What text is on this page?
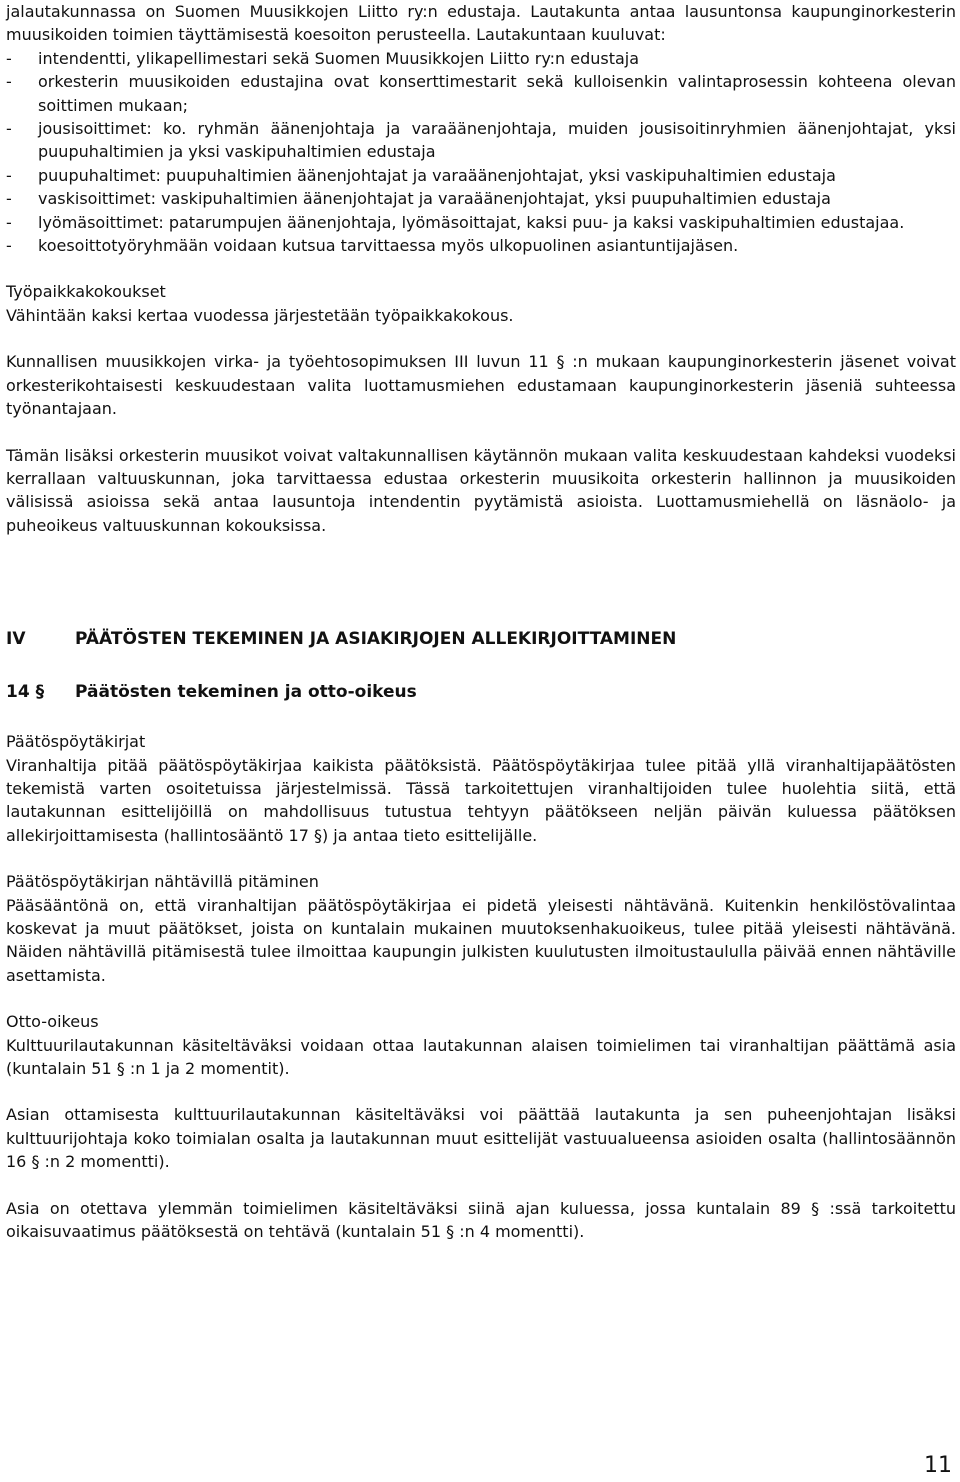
jalautakunnassa on Suomen Muusikkojen Liitto ry:n edustaja. Lautakunta antaa lausuntonsa kaupunginorkesterin muusikoiden toimien täyttämisestä koesoiton perusteella. Lautakuntaan kuuluvat:

- intendentti, ylikapellimestari sekä Suomen Muusikkojen Liitto ry:n edustaja
- orkesterin muusikoiden edustajina ovat konserttimestarit sekä kulloisenkin valintaprosessin kohteena olevan soittimen mukaan;
- jousisoittimet: ko. ryhmän äänenjohtaja ja varaäänenjohtaja, muiden jousisoitinryhmien äänenjohtajat, yksi puupuhaltimien ja yksi vaskipuhaltimien edustaja
- puupuhaltimet: puupuhaltimien äänenjohtajat ja varaäänenjohtajat, yksi vaskipuhaltimien edustaja
- vaskisoittimet: vaskipuhaltimien äänenjohtajat ja varaäänenjohtajat, yksi puupuhaltimien edustaja
- lyömäsoittimet: patarumpujen äänenjohtaja, lyömäsoittajat, kaksi puu- ja kaksi vaskipuhaltimien edustajaa.
- koesoittotyöryhmään voidaan kutsua tarvittaessa myös ulkopuolinen asiantuntijajäsen.

Työpaikkakokoukset

Vähintään kaksi kertaa vuodessa järjestetään työpaikkakokous.

Kunnallisen muusikkojen virka- ja työehtosopimuksen III luvun 11 § :n mukaan kaupunginorkesterin jäsenet voivat orkesterikohtaisesti keskuudestaan valita luottamusmiehen edustamaan kaupunginorkesterin jäseniä suhteessa työnantajaan.

Tämän lisäksi orkesterin muusikot voivat valtakunnallisen käytännön mukaan valita keskuudestaan kahdeksi vuodeksi kerrallaan valtuuskunnan, joka tarvittaessa edustaa orkesterin muusikoita orkesterin hallinnon ja muusikoiden välisissä asioissa sekä antaa lausuntoja intendentin pyytämistä asioista. Luottamusmiehellä on läsnäolo- ja puheoikeus valtuuskunnan kokouksissa.

IV	PÄÄTÖSTEN TEKEMINEN JA ASIAKIRJOJEN ALLEKIRJOITTAMINEN
14 §	Päätösten tekeminen ja otto-oikeus

Päätöspöytäkirjat

Viranhaltija pitää päätöspöytäkirjaa kaikista päätöksistä. Päätöspöytäkirjaa tulee pitää yllä viranhaltijapäätösten tekemistä varten osoitetuissa järjestelmissä. Tässä tarkoitettujen viranhaltijoiden tulee huolehtia siitä, että lautakunnan esittelijöillä on mahdollisuus tutustua tehtyyn päätökseen neljän päivän kuluessa päätöksen allekirjoittamisesta (hallintosääntö 17 §) ja antaa tieto esittelijälle.

Päätöspöytäkirjan nähtävillä pitäminen

Pääsääntönä on, että viranhaltijan päätöspöytäkirjaa ei pidetä yleisesti nähtävänä. Kuitenkin henkilöstövalintaa koskevat ja muut päätökset, joista on kuntalain mukainen muutoksenhakuoikeus, tulee pitää yleisesti nähtävänä. Näiden nähtävillä pitämisestä tulee ilmoittaa kaupungin julkisten kuulutusten ilmoitustaululla päivää ennen nähtäville asettamista.

Otto-oikeus

Kulttuurilautakunnan käsiteltäväksi voidaan ottaa lautakunnan alaisen toimielimen tai viranhaltijan päättämä asia (kuntalain 51 § :n 1 ja 2 momentit).

Asian ottamisesta kulttuurilautakunnan käsiteltäväksi voi päättää lautakunta ja sen puheenjohtajan lisäksi kulttuurijohtaja koko toimialan osalta ja lautakunnan muut esittelijät vastuualueensa asioiden osalta (hallintosäännön 16 § :n 2 momentti).

Asia on otettava ylemmän toimielimen käsiteltäväksi siinä ajan kuluessa, jossa kuntalain 89 § :ssä tarkoitettu oikaisuvaatimus päätöksestä on tehtävä (kuntalain 51 § :n 4 momentti).

11
